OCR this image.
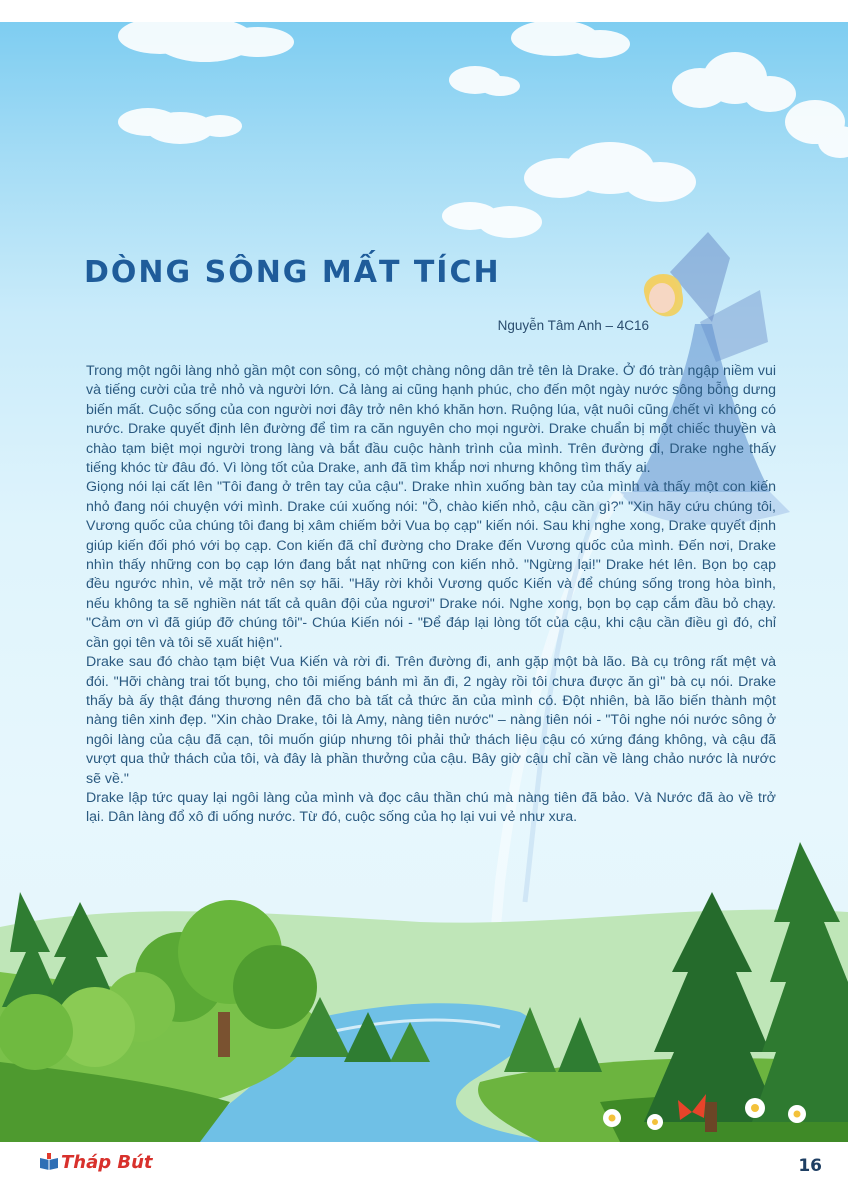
DÒNG SÔNG MẤT TÍCH
Nguyễn Tâm Anh – 4C16

Trong một ngôi làng nhỏ gần một con sông, có một chàng nông dân trẻ tên là Drake. Ở đó tràn ngập niềm vui và tiếng cười của trẻ nhỏ và người lớn. Cả làng ai cũng hạnh phúc, cho đến một ngày nước sông bỗng dưng biến mất. Cuộc sống của con người nơi đây trở nên khó khăn hơn. Ruộng lúa, vật nuôi cũng chết vì không có nước. Drake quyết định lên đường để tìm ra căn nguyên cho mọi người. Drake chuẩn bị một chiếc thuyền và chào tạm biệt mọi người trong làng và bắt đầu cuộc hành trình của mình. Trên đường đi, Drake nghe thấy tiếng khóc từ đâu đó. Vì lòng tốt của Drake, anh đã tìm khắp nơi nhưng không tìm thấy ai.

Giọng nói lại cất lên "Tôi đang ở trên tay của cậu". Drake nhìn xuống bàn tay của mình và thấy một con kiến nhỏ đang nói chuyện với mình. Drake cúi xuống nói: "Ồ, chào kiến nhỏ, cậu cần gì?" "Xin hãy cứu chúng tôi, Vương quốc của chúng tôi đang bị xâm chiếm bởi Vua bọ cạp" kiến nói. Sau khi nghe xong, Drake quyết định giúp kiến đối phó với bọ cạp. Con kiến đã chỉ đường cho Drake đến Vương quốc của mình. Đến nơi, Drake nhìn thấy những con bọ cạp lớn đang bắt nạt những con kiến nhỏ. "Ngừng lại!" Drake hét lên. Bọn bọ cạp đều ngước nhìn, vẻ mặt trở nên sợ hãi. "Hãy rời khỏi Vương quốc Kiến và để chúng sống trong hòa bình, nếu không ta sẽ nghiền nát tất cả quân đội của ngươi" Drake nói. Nghe xong, bọn bọ cạp cắm đầu bỏ chạy. "Cảm ơn vì đã giúp đỡ chúng tôi"- Chúa Kiến nói - "Để đáp lại lòng tốt của cậu, khi cậu cần điều gì đó, chỉ cần gọi tên và tôi sẽ xuất hiện".

Drake sau đó chào tạm biệt Vua Kiến và rời đi. Trên đường đi, anh gặp một bà lão. Bà cụ trông rất mệt và đói. "Hỡi chàng trai tốt bụng, cho tôi miếng bánh mì ăn đi, 2 ngày rồi tôi chưa được ăn gì" bà cụ nói. Drake thấy bà ấy thật đáng thương nên đã cho bà tất cả thức ăn của mình có. Đột nhiên, bà lão biến thành một nàng tiên xinh đẹp. "Xin chào Drake, tôi là Amy, nàng tiên nước" – nàng tiên nói - "Tôi nghe nói nước sông ở ngôi làng của cậu đã cạn, tôi muốn giúp nhưng tôi phải thử thách liệu cậu có xứng đáng không, và cậu đã vượt qua thử thách của tôi, và đây là phần thưởng của cậu. Bây giờ cậu chỉ cần về làng chảo nước là nước sẽ về."

Drake lập tức quay lại ngôi làng của mình và đọc câu thần chú mà nàng tiên đã bảo. Và Nước đã ào về trở lại. Dân làng đổ xô đi uống nước. Từ đó, cuộc sống của họ lại vui vẻ như xưa.

Tháp Bút	16
